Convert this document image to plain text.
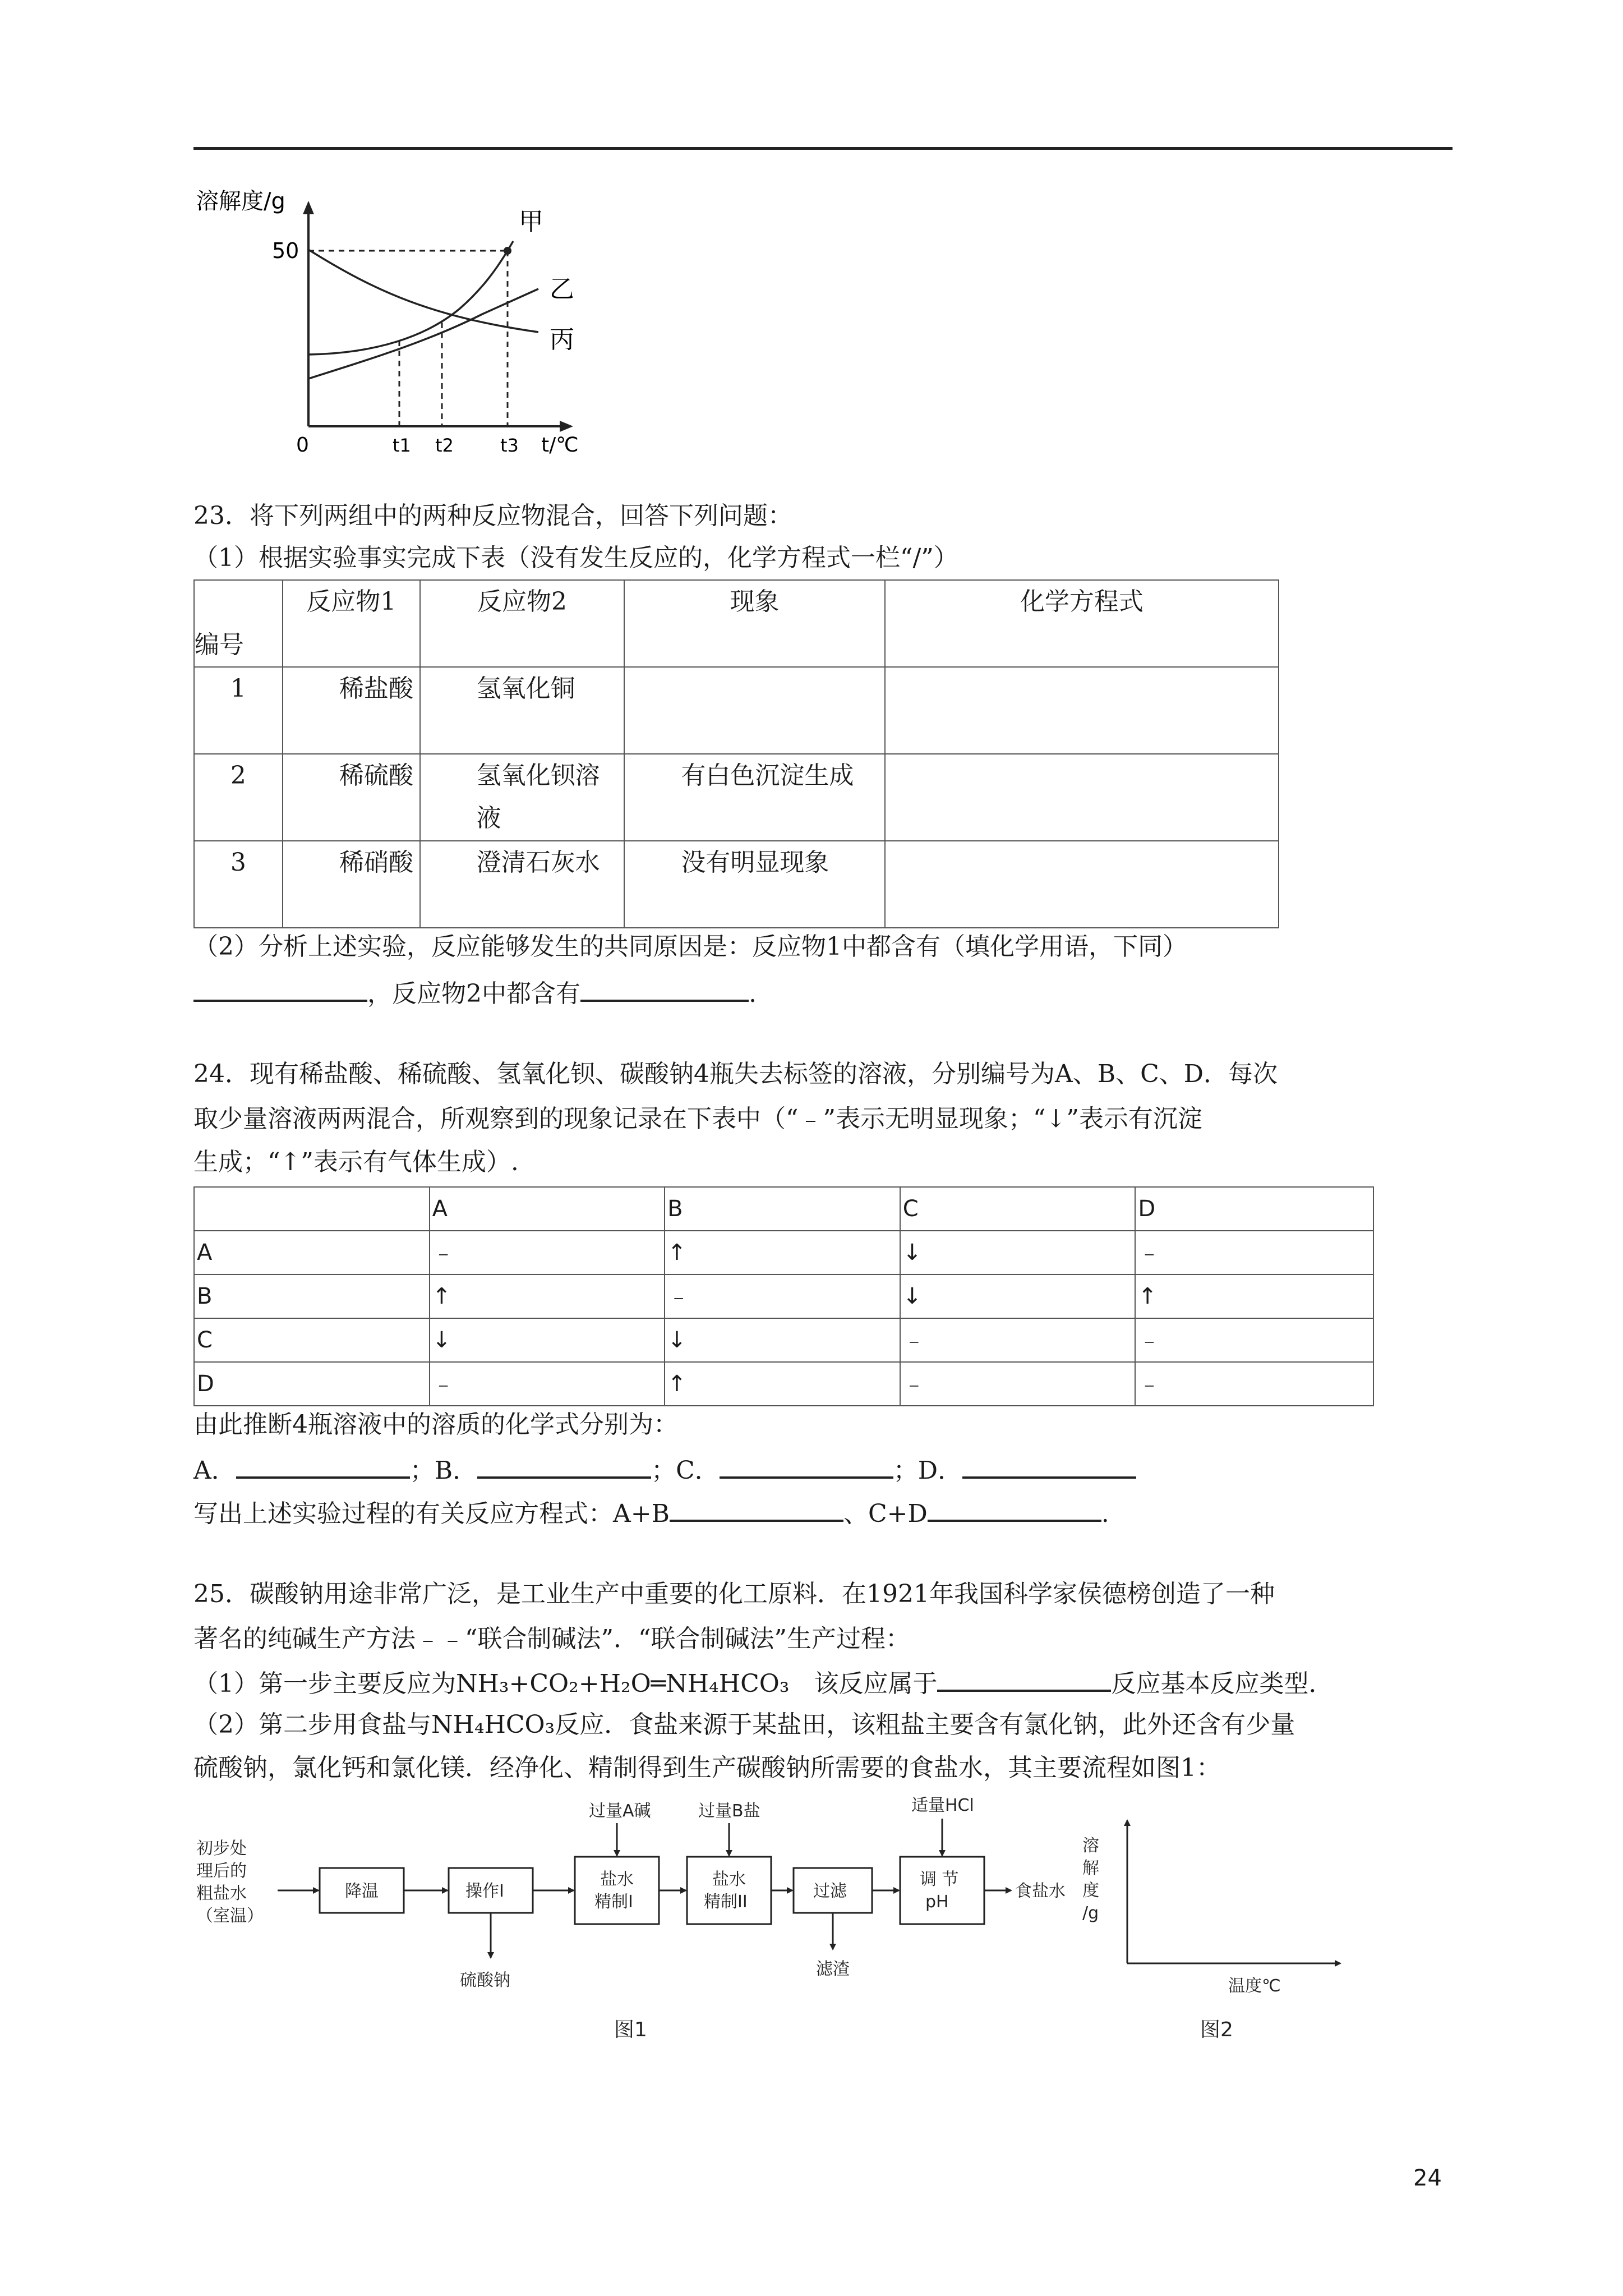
溶解度/g
50
0	t1 t2	t3 t/℃
甲
乙
丙
23．将下列两组中的两种反应物混合，回答下列问题：
（1）根据实验事实完成下表（没有发生反应的，化学方程式一栏“/”）
编号	反应物1	反应物2	现象	化学方程式
1	稀盐酸	氢氧化铜		
2	稀硫酸	氢氧化钡溶液	有白色沉淀生成	
3	稀硝酸	澄清石灰水	没有明显现象	
（2）分析上述实验，反应能够发生的共同原因是：反应物1中都含有（填化学用语，下同）
，反应物2中都含有	.
24．现有稀盐酸、稀硫酸、氢氧化钡、碳酸钠4瓶失去标签的溶液，分别编号为A、B、C、D．每次
取少量溶液两两混合，所观察到的现象记录在下表中（“﹣”表示无明显现象；“↓”表示有沉淀
生成；“↑”表示有气体生成）.
	A	B	C	D
A	﹣	↑	↓	﹣
B	↑	﹣	↓	↑
C	↓	↓	﹣	﹣
D	﹣	↑	﹣	﹣
由此推断4瓶溶液中的溶质的化学式分别为：
A．	；B．	；C．	；D．
写出上述实验过程的有关反应方程式：A+B	、C+D	.
25．碳酸钠用途非常广泛，是工业生产中重要的化工原料．在1921年我国科学家侯德榜创造了一种
著名的纯碱生产方法﹣﹣“联合制碱法”．“联合制碱法”生产过程：
（1）第一步主要反应为NH₃+CO₂+H₂O═NH₄HCO₃　该反应属于	反应基本反应类型．
（2）第二步用食盐与NH₄HCO₃反应．食盐来源于某盐田，该粗盐主要含有氯化钠，此外还含有少量
硫酸钠，氯化钙和氯化镁．经净化、精制得到生产碳酸钠所需要的食盐水，其主要流程如图1：
初步处
理后的
粗盐水
（室温）
降温	操作I
硫酸钠
过量A碱
盐水
精制I
过量B盐
盐水
精制II
过滤
滤渣
适量HCl
调 节
pH
食盐水
图1
溶
解
度
/g
温度℃
图2
24
